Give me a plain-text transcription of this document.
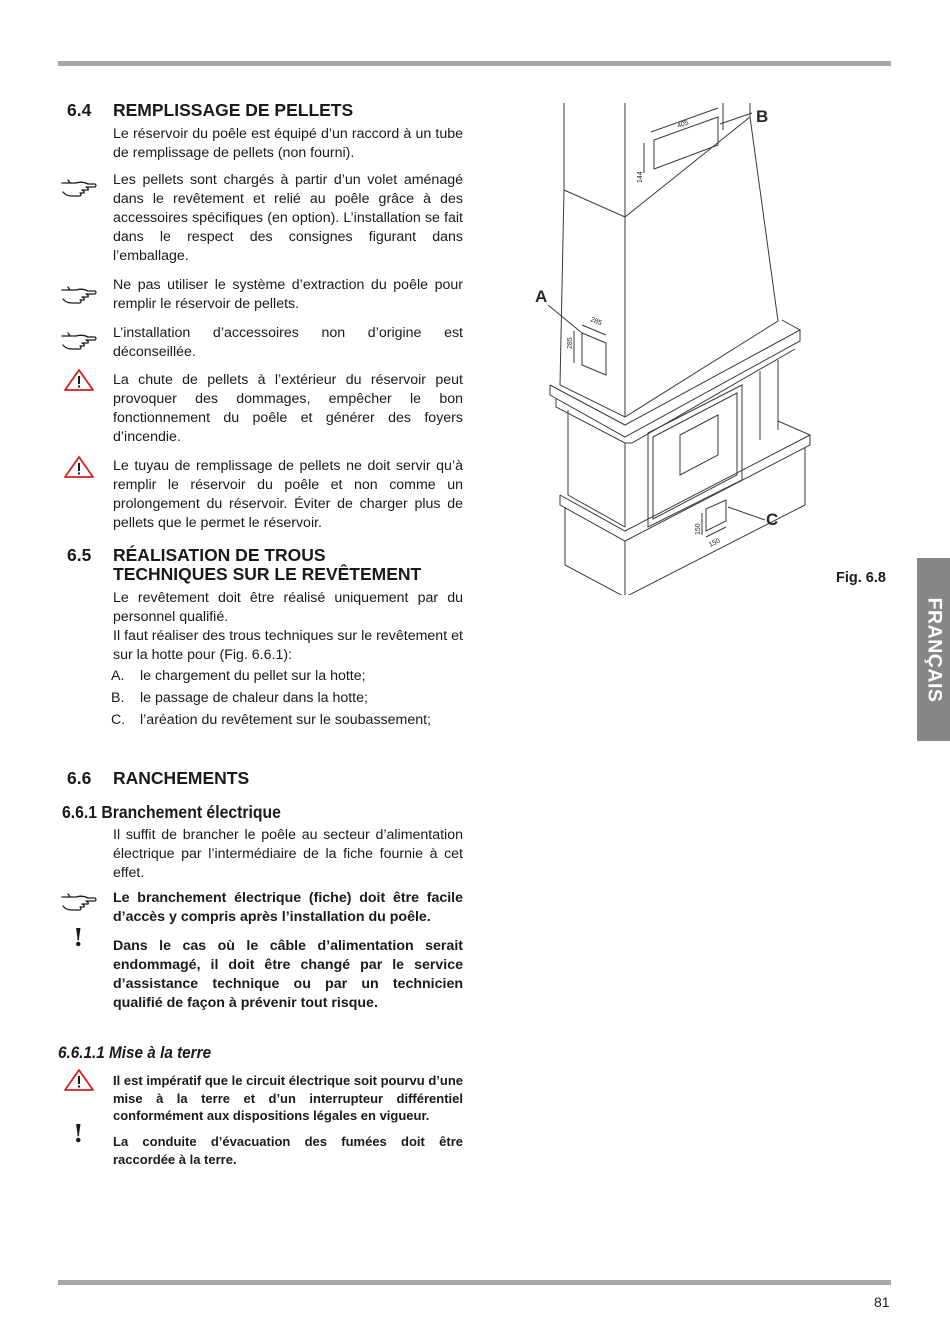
6.4 REMPLISSAGE DE PELLETS
Le réservoir du poêle est équipé d’un raccord à un tube de remplissage de pellets (non fourni).
Les pellets sont chargés à partir d’un volet aménagé dans le revêtement et relié au poêle grâce à des accessoires spécifiques (en option). L’installation se fait dans le respect des consignes figurant dans l’emballage.
Ne pas utiliser le système d’extraction du poêle pour remplir le réservoir de pellets.
L’installation d’accessoires non d’origine est déconseillée.
La chute de pellets à l’extérieur du réservoir peut provoquer des dommages, empêcher le bon fonctionnement du poêle et générer des foyers d’incendie.
Le tuyau de remplissage de pellets ne doit servir qu’à remplir le réservoir du poêle et non comme un prolongement du réservoir. Éviter de charger plus de pellets que le permet le réservoir.
6.5 RÉALISATION DE TROUS
TECHNIQUES SUR LE REVÊTEMENT
Le revêtement doit être réalisé uniquement par du personnel qualifié.
Il faut réaliser des trous techniques sur le revêtement et sur la hotte pour (Fig. 6.6.1):
A. le chargement du pellet sur la hotte;
B. le passage de chaleur dans la hotte;
C. l’aréation du revêtement sur le soubassement;
6.6 RANCHEMENTS
6.6.1 Branchement électrique
Il suffit de brancher le poêle au secteur d’alimentation électrique par l’intermédiaire de la fiche fournie à cet effet.
Le branchement électrique (fiche) doit être facile d’accès y compris après l’installation du poêle.
! Dans le cas où le câble d’alimentation serait endommagé, il doit être changé par le service d’assistance technique ou par un technicien qualifié de façon à prévenir tout risque.
6.6.1.1 Mise à la terre
Il est impératif que le circuit électrique soit pourvu d’une mise à la terre et d’un interrupteur différentiel conformément aux dispositions légales en vigueur.
! La conduite d’évacuation des fumées doit être raccordée à la terre.
B
A
C
405
144
285
285
150
150
Fig. 6.8
FRANÇAIS
81
